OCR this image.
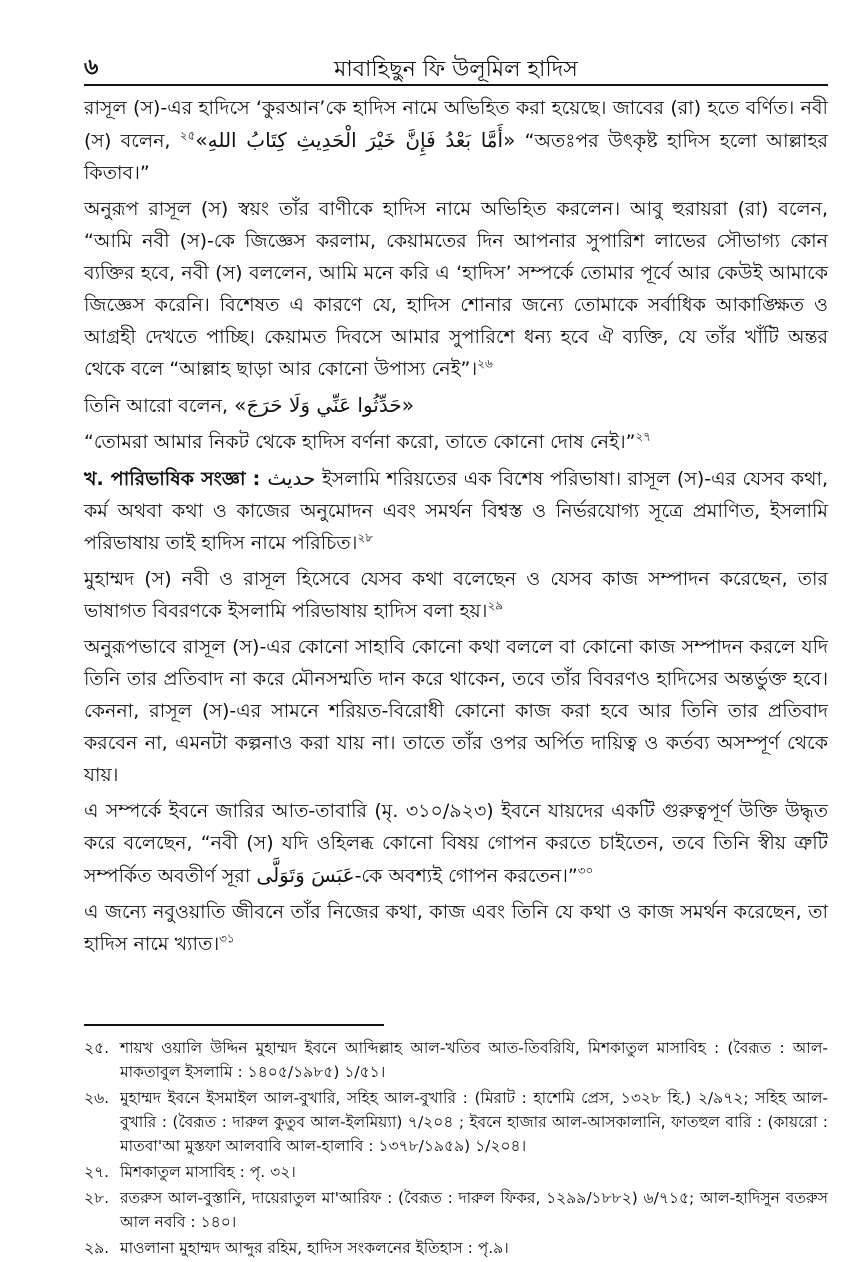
৬	মাবাহিছুন ফি উলূমিল হাদিস

রাসূল (স)-এর হাদিসে ‘কুরআন’কে হাদিস নামে অভিহিত করা হয়েছে। জাবের (রা) হতে বর্ণিত। নবী (স) বলেন, $^{২৫}$«أَمَّا بَعْدُ فَإِنَّ خَيْرَ الْحَدِيثِ كِتَابُ اللهِ» “অতঃপর উৎকৃষ্ট হাদিস হলো আল্লাহর কিতাব।”

অনুরূপ রাসূল (স) স্বয়ং তাঁর বাণীকে হাদিস নামে অভিহিত করলেন। আবু হুরায়রা (রা) বলেন, “আমি নবী (স)-কে জিজ্ঞেস করলাম, কেয়ামতের দিন আপনার সুপারিশ লাভের সৌভাগ্য কোন ব্যক্তির হবে, নবী (স) বললেন, আমি মনে করি এ ‘হাদিস’ সম্পর্কে তোমার পূর্বে আর কেউই আমাকে জিজ্ঞেস করেনি। বিশেষত এ কারণে যে, হাদিস শোনার জন্যে তোমাকে সর্বাধিক আকাঙ্ক্ষিত ও আগ্রহী দেখতে পাচ্ছি। কেয়ামত দিবসে আমার সুপারিশে ধন্য হবে ঐ ব্যক্তি, যে তাঁর খাঁটি অন্তর থেকে বলে “আল্লাহ ছাড়া আর কোনো উপাস্য নেই”।$^{২৬}$

তিনি আরো বলেন, «حَدِّثُوا عَنِّي وَلَا حَرَجَ»

“তোমরা আমার নিকট থেকে হাদিস বর্ণনা করো, তাতে কোনো দোষ নেই।”$^{২৭}$

খ. পারিভাষিক সংজ্ঞা : حديث ইসলামি শরিয়তের এক বিশেষ পরিভাষা। রাসূল (স)-এর যেসব কথা, কর্ম অথবা কথা ও কাজের অনুমোদন এবং সমর্থন বিশ্বস্ত ও নির্ভরযোগ্য সূত্রে প্রমাণিত, ইসলামি পরিভাষায় তাই হাদিস নামে পরিচিত।$^{২৮}$

মুহাম্মদ (স) নবী ও রাসূল হিসেবে যেসব কথা বলেছেন ও যেসব কাজ সম্পাদন করেছেন, তার ভাষাগত বিবরণকে ইসলামি পরিভাষায় হাদিস বলা হয়।$^{২৯}$

অনুরূপভাবে রাসূল (স)-এর কোনো সাহাবি কোনো কথা বললে বা কোনো কাজ সম্পাদন করলে যদি তিনি তার প্রতিবাদ না করে মৌনসম্মতি দান করে থাকেন, তবে তাঁর বিবরণও হাদিসের অন্তর্ভুক্ত হবে। কেননা, রাসূল (স)-এর সামনে শরিয়ত-বিরোধী কোনো কাজ করা হবে আর তিনি তার প্রতিবাদ করবেন না, এমনটা কল্পনাও করা যায় না। তাতে তাঁর ওপর অর্পিত দায়িত্ব ও কর্তব্য অসম্পূর্ণ থেকে যায়।

এ সম্পর্কে ইবনে জারির আত-তাবারি (মৃ. ৩১০/৯২৩) ইবনে যায়দের একটি গুরুত্বপূর্ণ উক্তি উদ্ধৃত করে বলেছেন, “নবী (স) যদি ওহিলব্ধ কোনো বিষয় গোপন করতে চাইতেন, তবে তিনি স্বীয় ত্রুটি সম্পর্কিত অবতীর্ণ সূরা عَبَسَ وَتَوَلَّى-কে অবশ্যই গোপন করতেন।”$^{৩০}$

এ জন্যে নবুওয়াতি জীবনে তাঁর নিজের কথা, কাজ এবং তিনি যে কথা ও কাজ সমর্থন করেছেন, তা হাদিস নামে খ্যাত।$^{৩১}$

২৫. শায়খ ওয়ালি উদ্দিন মুহাম্মদ ইবনে আব্দিল্লাহ আল-খতিব আত-তিবরিযি, মিশকাতুল মাসাবিহ : (বৈরূত : আল-মাকতাবুল ইসলামি : ১৪০৫/১৯৮৫) ১/৫১।
২৬. মুহাম্মদ ইবনে ইসমাইল আল-বুখারি, সহিহ আল-বুখারি : (মিরাট : হাশেমি প্রেস, ১৩২৮ হি.) ২/৯৭২; সহিহ আল-বুখারি : (বৈরূত : দারুল কুতুব আল-ইলমিয়্যা) ৭/২০৪ ; ইবনে হাজার আল-আসকালানি, ফাতহুল বারি : (কায়রো : মাতবা'আ মুস্তফা আলবাবি আল-হালাবি : ১৩৭৮/১৯৫৯) ১/২০৪।
২৭. মিশকাতুল মাসাবিহ : পৃ. ৩২।
২৮. রতরুস আল-বুস্তানি, দায়েরাতুল মা'আরিফ : (বৈরূত : দারুল ফিকর, ১২৯৯/১৮৮২) ৬/৭১৫; আল-হাদিসুন বতরুস আল নববি : ১৪০।
২৯. মাওলানা মুহাম্মদ আব্দুর রহিম, হাদিস সংকলনের ইতিহাস : পৃ.৯।
